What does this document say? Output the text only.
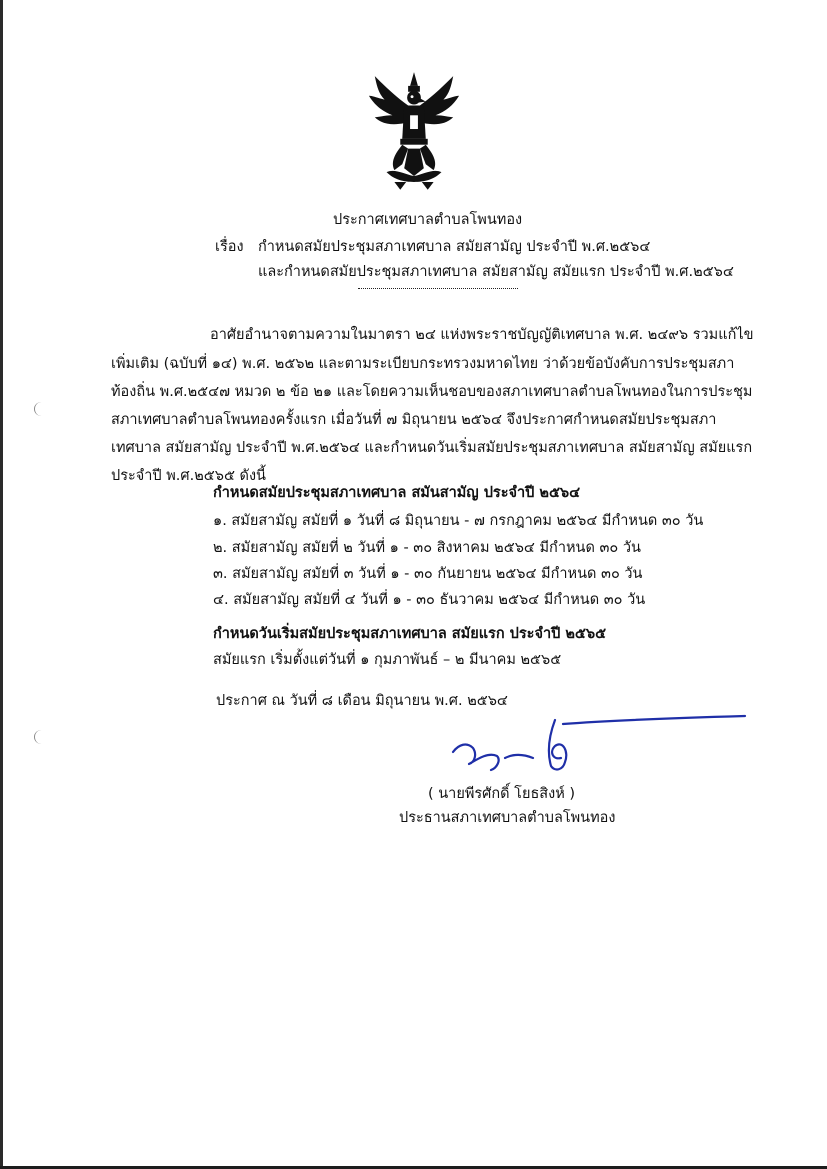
ประกาศเทศบาลตำบลโพนทอง
เรื่อง กำหนดสมัยประชุมสภาเทศบาล สมัยสามัญ ประจำปี พ.ศ.๒๕๖๔
และกำหนดสมัยประชุมสภาเทศบาล สมัยสามัญ สมัยแรก ประจำปี พ.ศ.๒๕๖๔
อาศัยอำนาจตามความในมาตรา ๒๔ แห่งพระราชบัญญัติเทศบาล พ.ศ. ๒๔๙๖ รวมแก้ไข
เพิ่มเติม (ฉบับที่ ๑๔) พ.ศ. ๒๕๖๒ และตามระเบียบกระทรวงมหาดไทย ว่าด้วยข้อบังคับการประชุมสภา
ท้องถิ่น พ.ศ.๒๕๔๗ หมวด ๒ ข้อ ๒๑ และโดยความเห็นชอบของสภาเทศบาลตำบลโพนทองในการประชุม
สภาเทศบาลตำบลโพนทองครั้งแรก เมื่อวันที่ ๗ มิถุนายน ๒๕๖๔ จึงประกาศกำหนดสมัยประชุมสภา
เทศบาล สมัยสามัญ ประจำปี พ.ศ.๒๕๖๔ และกำหนดวันเริ่มสมัยประชุมสภาเทศบาล สมัยสามัญ สมัยแรก
ประจำปี พ.ศ.๒๕๖๕ ดังนี้
กำหนดสมัยประชุมสภาเทศบาล สมันสามัญ ประจำปี ๒๕๖๔
๑. สมัยสามัญ สมัยที่ ๑ วันที่ ๘ มิถุนายน - ๗ กรกฎาคม ๒๕๖๔ มีกำหนด ๓๐ วัน
๒. สมัยสามัญ สมัยที่ ๒ วันที่ ๑ - ๓๐ สิงหาคม ๒๕๖๔ มีกำหนด ๓๐ วัน
๓. สมัยสามัญ สมัยที่ ๓ วันที่ ๑ - ๓๐ กันยายน ๒๕๖๔ มีกำหนด ๓๐ วัน
๔. สมัยสามัญ สมัยที่ ๔ วันที่ ๑ - ๓๐ ธันวาคม ๒๕๖๔ มีกำหนด ๓๐ วัน
กำหนดวันเริ่มสมัยประชุมสภาเทศบาล สมัยแรก ประจำปี ๒๕๖๕
สมัยแรก เริ่มตั้งแต่วันที่ ๑ กุมภาพันธ์ – ๒ มีนาคม ๒๕๖๕
ประกาศ ณ วันที่ ๘ เดือน มิถุนายน พ.ศ. ๒๕๖๔
( นายพีรศักดิ์ โยธสิงห์ )
ประธานสภาเทศบาลตำบลโพนทอง
